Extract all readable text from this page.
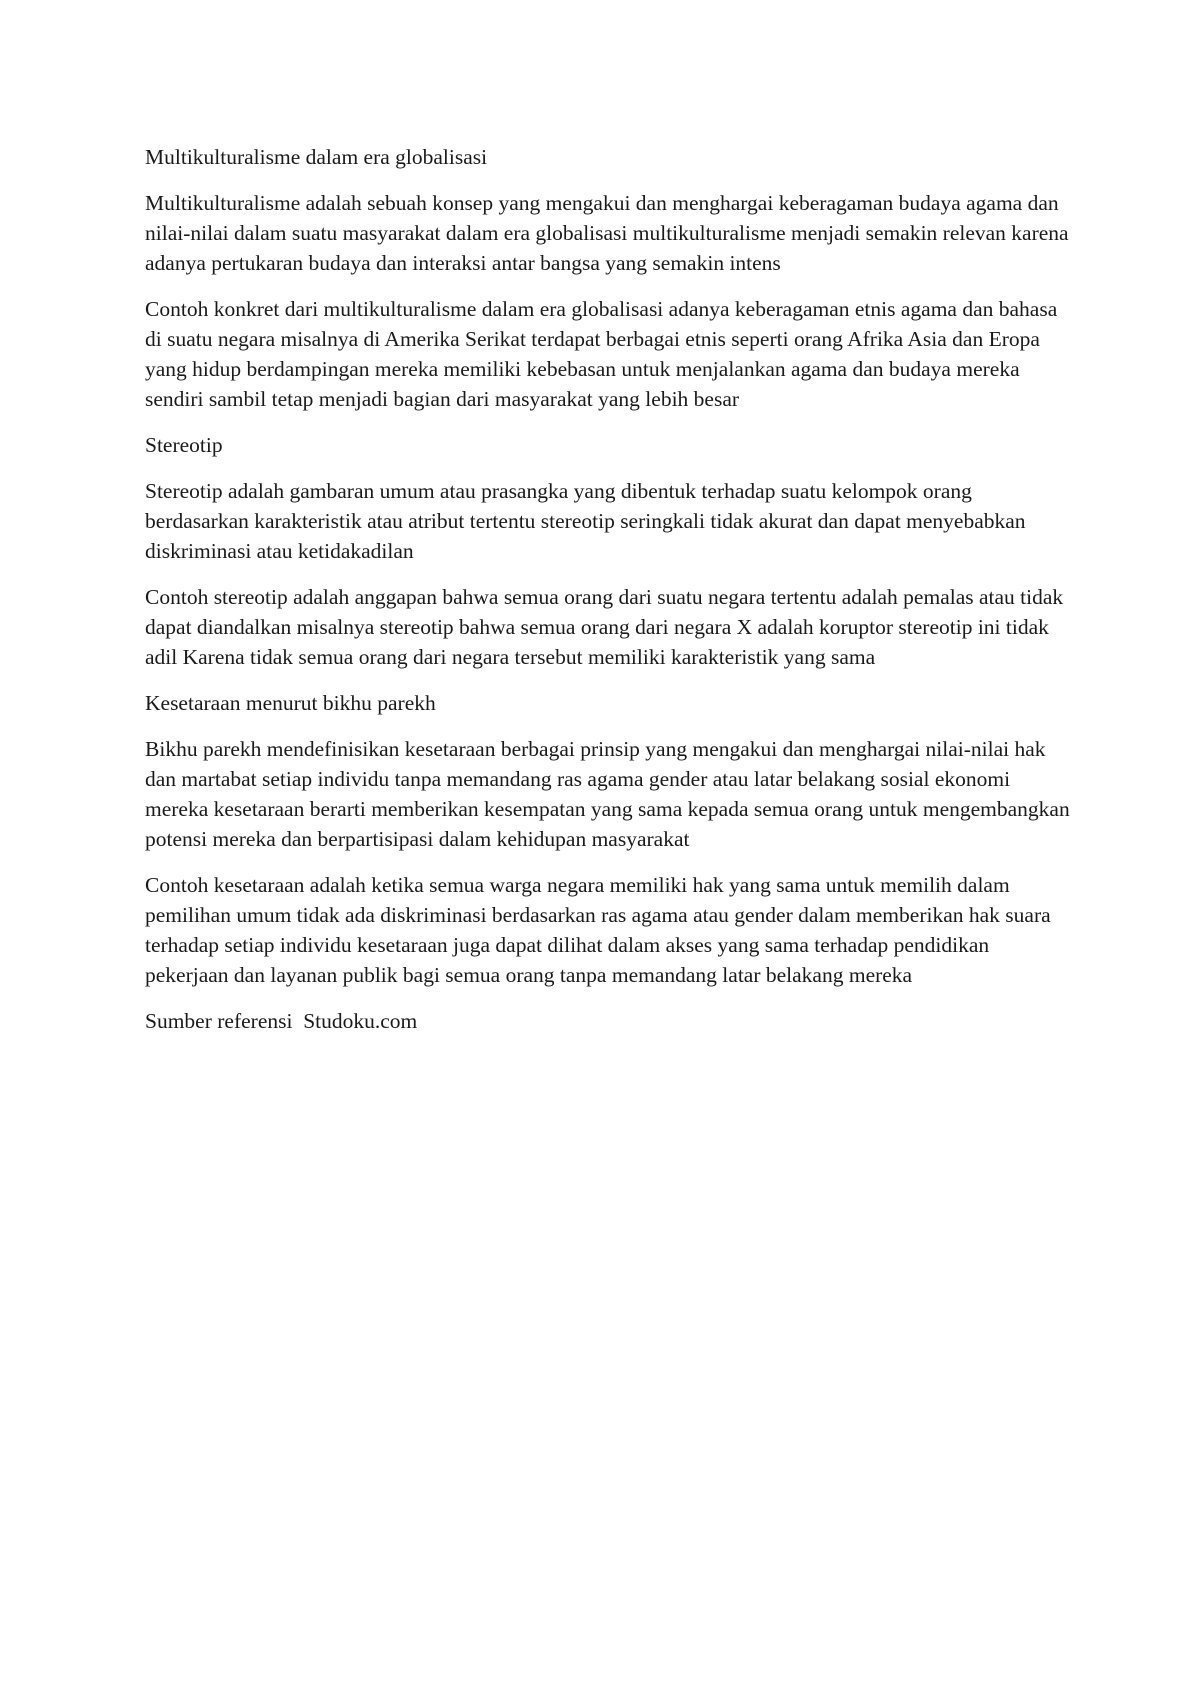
Multikulturalisme dalam era globalisasi

Multikulturalisme adalah sebuah konsep yang mengakui dan menghargai keberagaman budaya agama dan nilai-nilai dalam suatu masyarakat dalam era globalisasi multikulturalisme menjadi semakin relevan karena adanya pertukaran budaya dan interaksi antar bangsa yang semakin intens

Contoh konkret dari multikulturalisme dalam era globalisasi adanya keberagaman etnis agama dan bahasa di suatu negara misalnya di Amerika Serikat terdapat berbagai etnis seperti orang Afrika Asia dan Eropa yang hidup berdampingan mereka memiliki kebebasan untuk menjalankan agama dan budaya mereka sendiri sambil tetap menjadi bagian dari masyarakat yang lebih besar

Stereotip

Stereotip adalah gambaran umum atau prasangka yang dibentuk terhadap suatu kelompok orang berdasarkan karakteristik atau atribut tertentu stereotip seringkali tidak akurat dan dapat menyebabkan diskriminasi atau ketidakadilan

Contoh stereotip adalah anggapan bahwa semua orang dari suatu negara tertentu adalah pemalas atau tidak dapat diandalkan misalnya stereotip bahwa semua orang dari negara X adalah koruptor stereotip ini tidak adil Karena tidak semua orang dari negara tersebut memiliki karakteristik yang sama

Kesetaraan menurut bikhu parekh

Bikhu parekh mendefinisikan kesetaraan berbagai prinsip yang mengakui dan menghargai nilai-nilai hak dan martabat setiap individu tanpa memandang ras agama gender atau latar belakang sosial ekonomi mereka kesetaraan berarti memberikan kesempatan yang sama kepada semua orang untuk mengembangkan potensi mereka dan berpartisipasi dalam kehidupan masyarakat

Contoh kesetaraan adalah ketika semua warga negara memiliki hak yang sama untuk memilih dalam pemilihan umum tidak ada diskriminasi berdasarkan ras agama atau gender dalam memberikan hak suara terhadap setiap individu kesetaraan juga dapat dilihat dalam akses yang sama terhadap pendidikan pekerjaan dan layanan publik bagi semua orang tanpa memandang latar belakang mereka

Sumber referensi  Studoku.com
